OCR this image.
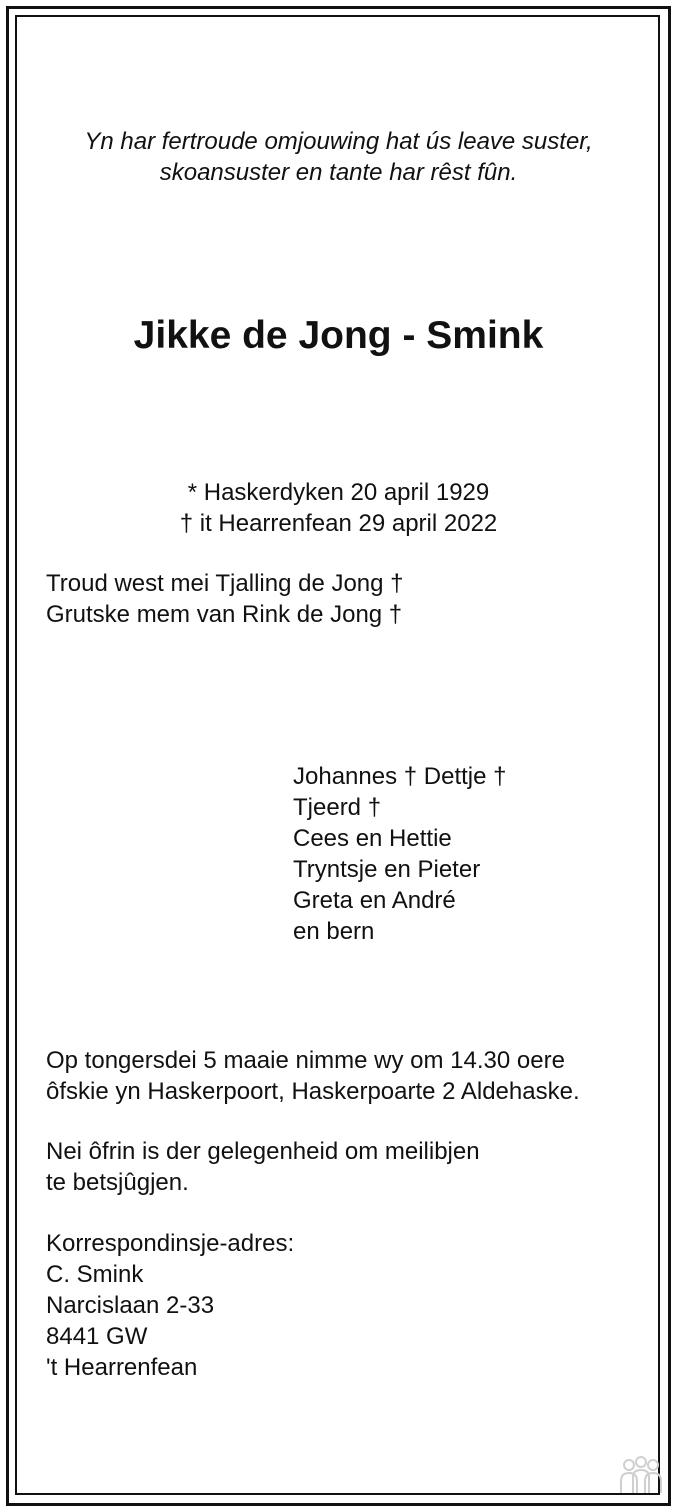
Yn har fertroude omjouwing hat ús leave suster,
skoansuster en tante har rêst fûn.
Jikke de Jong - Smink
* Haskerdyken 20 april 1929
† it Hearrenfean 29 april 2022
Troud west mei Tjalling de Jong †
Grutske mem van Rink de Jong †
Johannes † Dettje †
Tjeerd †
Cees en Hettie
Tryntsje en Pieter
Greta en André
en bern
Op tongersdei 5 maaie nimme wy om 14.30 oere
ôfskie yn Haskerpoort, Haskerpoarte 2 Aldehaske.
Nei ôfrin is der gelegenheid om meilibjen
te betsjûgjen.
Korrespondinsje-adres:
C. Smink
Narcislaan 2-33
8441 GW
't Hearrenfean
